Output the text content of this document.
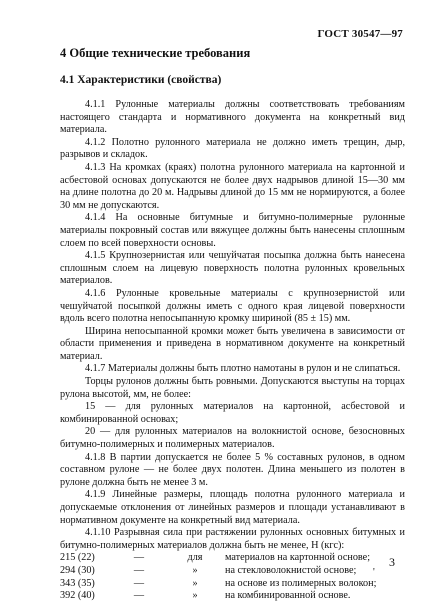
ГОСТ 30547—97
4 Общие технические требования
4.1 Характеристики (свойства)

4.1.1 Рулонные материалы должны соответствовать требованиям настоящего стандарта и нормативного документа на конкретный вид материала.

4.1.2 Полотно рулонного материала не должно иметь трещин, дыр, разрывов и складок.

4.1.3 На кромках (краях) полотна рулонного материала на картонной и асбестовой основах допускаются не более двух надрывов длиной 15—30 мм на длине полотна до 20 м. Надрывы длиной до 15 мм не нормируются, а более 30 мм не допускаются.

4.1.4 На основные битумные и битумно-полимерные рулонные материалы покровный состав или вяжущее должны быть нанесены сплошным слоем по всей поверхности основы.

4.1.5 Крупнозернистая или чешуйчатая посыпка должна быть нанесена сплошным слоем на лицевую поверхность полотна рулонных кровельных материалов.

4.1.6 Рулонные кровельные материалы с крупнозернистой или чешуйчатой посыпкой должны иметь с одного края лицевой поверхности вдоль всего полотна непосыпанную кромку шириной (85 ± 15) мм.

Ширина непосыпанной кромки может быть увеличена в зависимости от области применения и приведена в нормативном документе на конкретный материал.

4.1.7 Материалы должны быть плотно намотаны в рулон и не слипаться.

Торцы рулонов должны быть ровными. Допускаются выступы на торцах рулона высотой, мм, не более:

15 — для рулонных материалов на картонной, асбестовой и комбинированной основах;

20 — для рулонных материалов на волокнистой основе, безосновных битумно-полимерных и полимерных материалов.

4.1.8 В партии допускается не более 5 % составных рулонов, в одном составном рулоне — не более двух полотен. Длина меньшего из полотен в рулоне должна быть не менее 3 м.

4.1.9 Линейные размеры, площадь полотна рулонного материала и допускаемые отклонения от линейных размеров и площади устанавливают в нормативном документе на конкретный вид материала.

4.1.10 Разрывная сила при растяжении рулонных основных битумных и битумно-полимерных материалов должна быть не менее, Н (кгс):

215 (22)	—	для	материалов на картонной основе;
294 (30)	—	»	на стекловолокнистой основе;
343 (35)	—	»	на основе из полимерных волокон;
392 (40)	—	»	на комбинированной основе.
3
'
